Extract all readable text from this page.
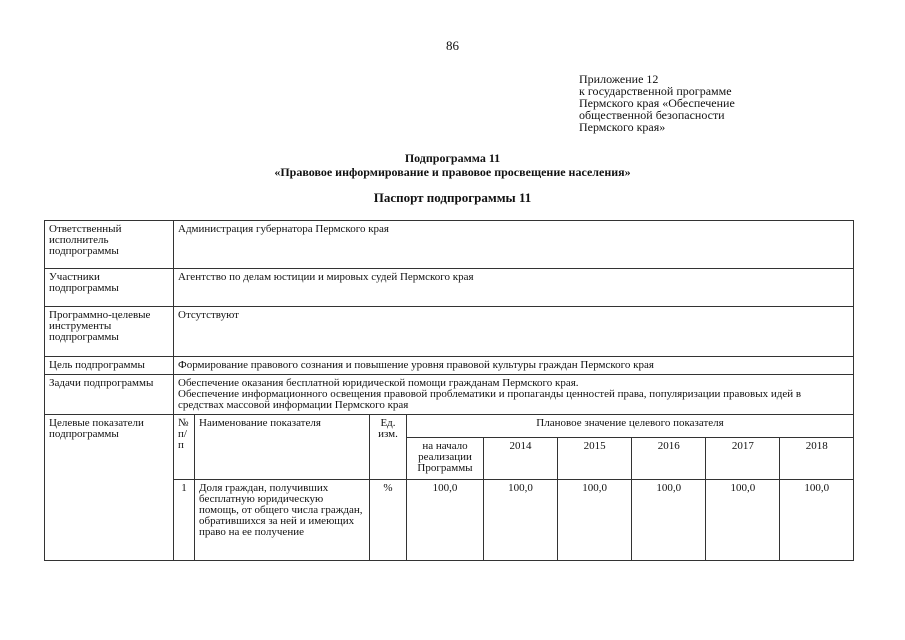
86
Приложение 12
к государственной программе
Пермского края «Обеспечение
общественной безопасности
Пермского края»
Подпрограмма 11
«Правовое информирование и правовое просвещение населения»
Паспорт подпрограммы 11
Ответственный исполнитель подпрограммы	Администрация губернатора Пермского края
Участники подпрограммы	Агентство по делам юстиции и мировых судей Пермского края
Программно-целевые инструменты подпрограммы	Отсутствуют
Цель подпрограммы	Формирование правового сознания и повышение уровня правовой культуры граждан Пермского края
Задачи подпрограммы	Обеспечение оказания бесплатной юридической помощи гражданам Пермского края.
Обеспечение информационного освещения правовой проблематики и пропаганды ценностей права, популяризации правовых идей в средствах массовой информации Пермского края

Целевые показатели подпрограммы	
№ п/п	Наименование показателя	Ед. изм.	Плановое значение целевого показателя
на начало реализации Программы	2014	2015	2016	2017	2018
1	Доля граждан, получивших бесплатную юридическую помощь, от общего числа граждан, обратившихся за ней и имеющих право на ее получение	%	100,0	100,0	100,0	100,0	100,0	100,0
